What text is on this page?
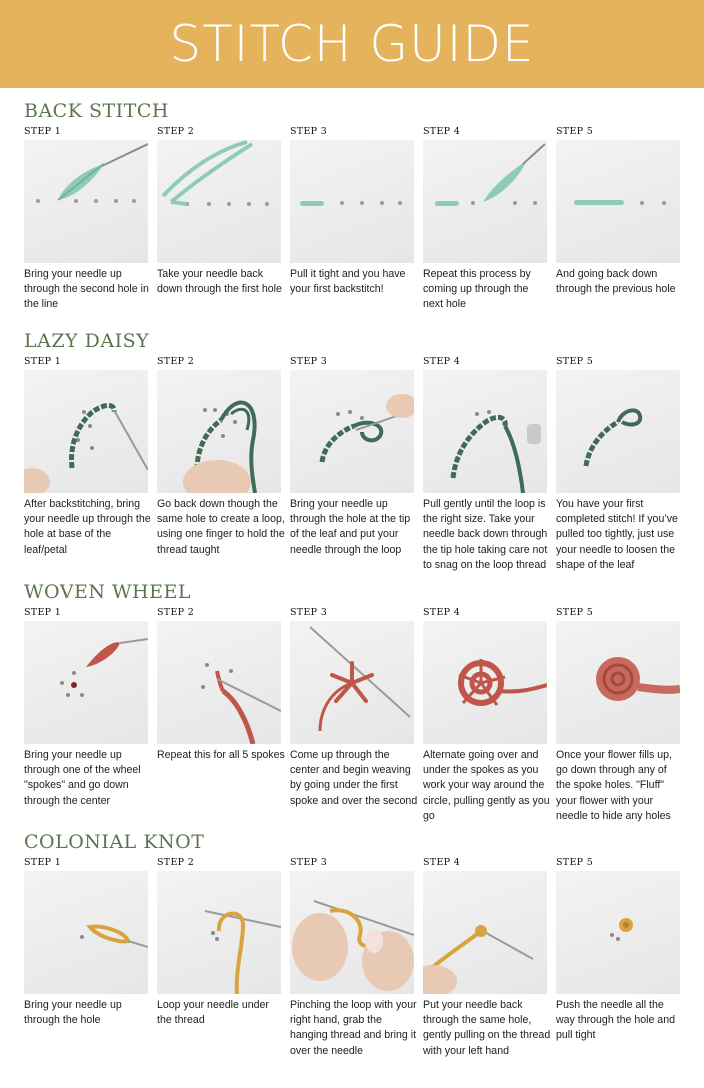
STITCH GUIDE
BACK STITCH
STEP 1
Bring your needle up through the second hole in the line
STEP 2
Take your needle back down through the first hole
STEP 3
Pull it tight and you have your first backstitch!
STEP 4
Repeat this process by coming up through the next hole
STEP 5
And going back down through the previous hole
LAZY DAISY
STEP 1
After backstitching, bring your needle up through the hole at base of the leaf/petal
STEP 2
Go back down though the same hole to create a loop, using one finger to hold the thread taught
STEP 3
Bring your needle up through the hole at the tip of the leaf and put your needle through the loop
STEP 4
Pull gently until the loop is the right size. Take your needle back down through the tip hole taking care not to snag on the loop thread
STEP 5
You have your first completed stitch! If you’ve pulled too tightly, just use your needle to loosen the shape of the leaf
WOVEN WHEEL
STEP 1
Bring your needle up through one of the wheel "spokes" and go down through the center
STEP 2
Repeat this for all 5 spokes
STEP 3
Come up through the center and begin weaving by going under the first spoke and over the second
STEP 4
Alternate going over and under the spokes as you work your way around the circle, pulling gently as you go
STEP 5
Once your flower fills up, go down through any of the spoke holes. "Fluff" your flower with your needle to hide any holes
COLONIAL KNOT
STEP 1
Bring your needle up through the hole
STEP 2
Loop your needle under the thread
STEP 3
Pinching the loop with your right hand, grab the hanging thread and bring it over the needle
STEP 4
Put your needle back through the same hole, gently pulling on the thread with your left hand
STEP 5
Push the needle all the way through the hole and pull tight
